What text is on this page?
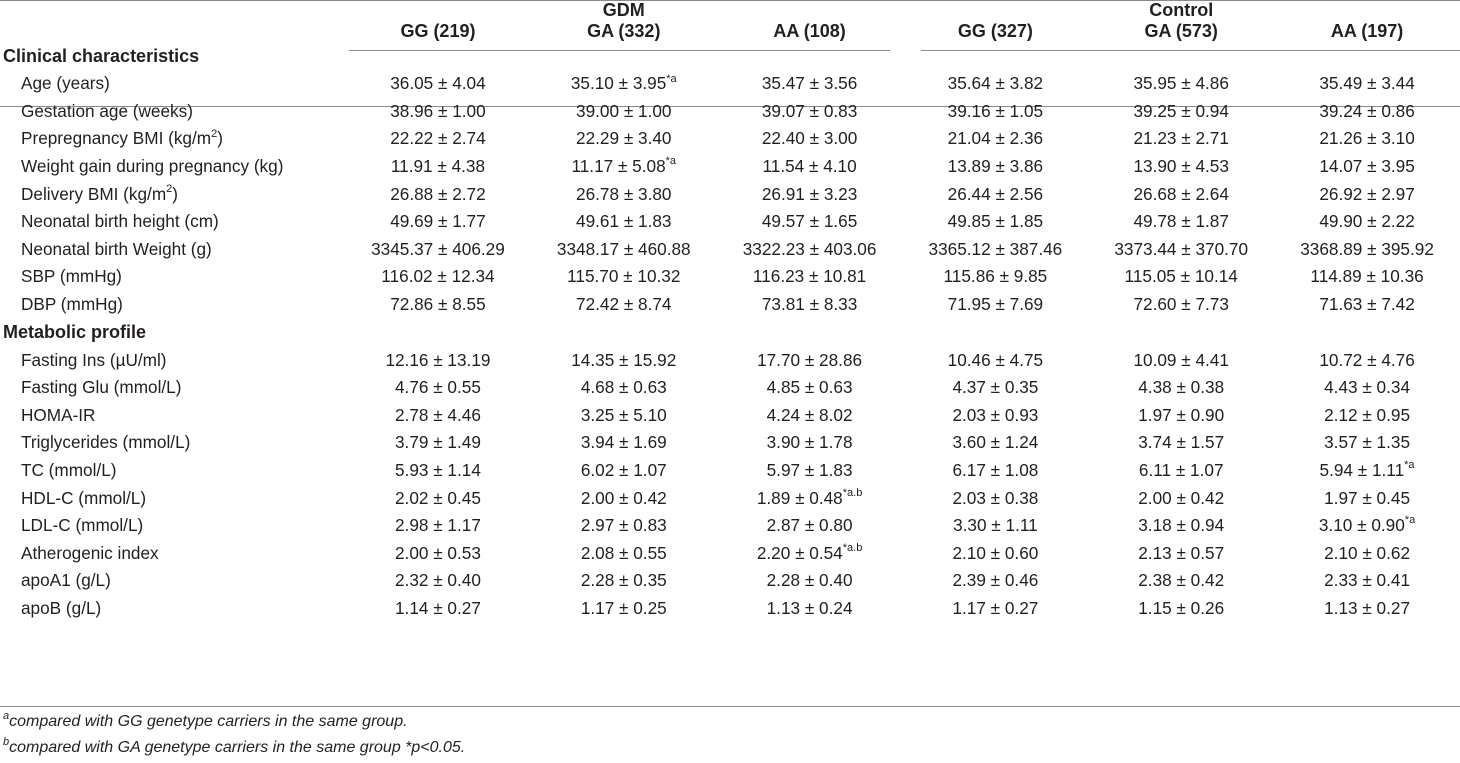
	GDM			Control		
	GG (219)	GA (332)	AA (108)	GG (327)	GA (573)	AA (197)
Clinical characteristics						
Age (years)	36.05 ± 4.04	$35.10 \pm 3.95^{*a}$	35.47 ± 3.56	35.64 ± 3.82	35.95 ± 4.86	35.49 ± 3.44
Gestation age (weeks)	38.96 ± 1.00	39.00 ± 1.00	39.07 ± 0.83	39.16 ± 1.05	39.25 ± 0.94	39.24 ± 0.86
Prepregnancy BMI $(kg/m^2)$	22.22 ± 2.74	22.29 ± 3.40	22.40 ± 3.00	21.04 ± 2.36	21.23 ± 2.71	21.26 ± 3.10
Weight gain during pregnancy (kg)	11.91 ± 4.38	$11.17 \pm 5.08^{*a}$	11.54 ± 4.10	13.89 ± 3.86	13.90 ± 4.53	14.07 ± 3.95
Delivery BMI $(kg/m^2)$	26.88 ± 2.72	26.78 ± 3.80	26.91 ± 3.23	26.44 ± 2.56	26.68 ± 2.64	26.92 ± 2.97
Neonatal birth height (cm)	49.69 ± 1.77	49.61 ± 1.83	49.57 ± 1.65	49.85 ± 1.85	49.78 ± 1.87	49.90 ± 2.22
Neonatal birth Weight (g)	3345.37 ± 406.29	3348.17 ± 460.88	3322.23 ± 403.06	3365.12 ± 387.46	3373.44 ± 370.70	3368.89 ± 395.92
SBP (mmHg)	116.02 ± 12.34	115.70 ± 10.32	116.23 ± 10.81	115.86 ± 9.85	115.05 ± 10.14	114.89 ± 10.36
DBP (mmHg)	72.86 ± 8.55	72.42 ± 8.74	73.81 ± 8.33	71.95 ± 7.69	72.60 ± 7.73	71.63 ± 7.42
Metabolic profile						
Fasting Ins (µU/ml)	12.16 ± 13.19	14.35 ± 15.92	17.70 ± 28.86	10.46 ± 4.75	10.09 ± 4.41	10.72 ± 4.76
Fasting Glu (mmol/L)	4.76 ± 0.55	4.68 ± 0.63	4.85 ± 0.63	4.37 ± 0.35	4.38 ± 0.38	4.43 ± 0.34
HOMA-IR	2.78 ± 4.46	3.25 ± 5.10	4.24 ± 8.02	2.03 ± 0.93	1.97 ± 0.90	2.12 ± 0.95
Triglycerides (mmol/L)	3.79 ± 1.49	3.94 ± 1.69	3.90 ± 1.78	3.60 ± 1.24	3.74 ± 1.57	3.57 ± 1.35
TC (mmol/L)	5.93 ± 1.14	6.02 ± 1.07	5.97 ± 1.83	6.17 ± 1.08	6.11 ± 1.07	$5.94 \pm 1.11^{*a}$
HDL-C (mmol/L)	2.02 ± 0.45	2.00 ± 0.42	$1.89 \pm 0.48^{*a.b}$	2.03 ± 0.38	2.00 ± 0.42	1.97 ± 0.45
LDL-C (mmol/L)	2.98 ± 1.17	2.97 ± 0.83	2.87 ± 0.80	3.30 ± 1.11	3.18 ± 0.94	$3.10 \pm 0.90^{*a}$
Atherogenic index	2.00 ± 0.53	2.08 ± 0.55	$2.20 \pm 0.54^{*a.b}$	2.10 ± 0.60	2.13 ± 0.57	2.10 ± 0.62
apoA1 (g/L)	2.32 ± 0.40	2.28 ± 0.35	2.28 ± 0.40	2.39 ± 0.46	2.38 ± 0.42	2.33 ± 0.41
apoB (g/L)	1.14 ± 0.27	1.17 ± 0.25	1.13 ± 0.24	1.17 ± 0.27	1.15 ± 0.26	1.13 ± 0.27
$^a$compared with GG genetype carriers in the same group.
$^b$compared with GA genetype carriers in the same group *p<0.05.
